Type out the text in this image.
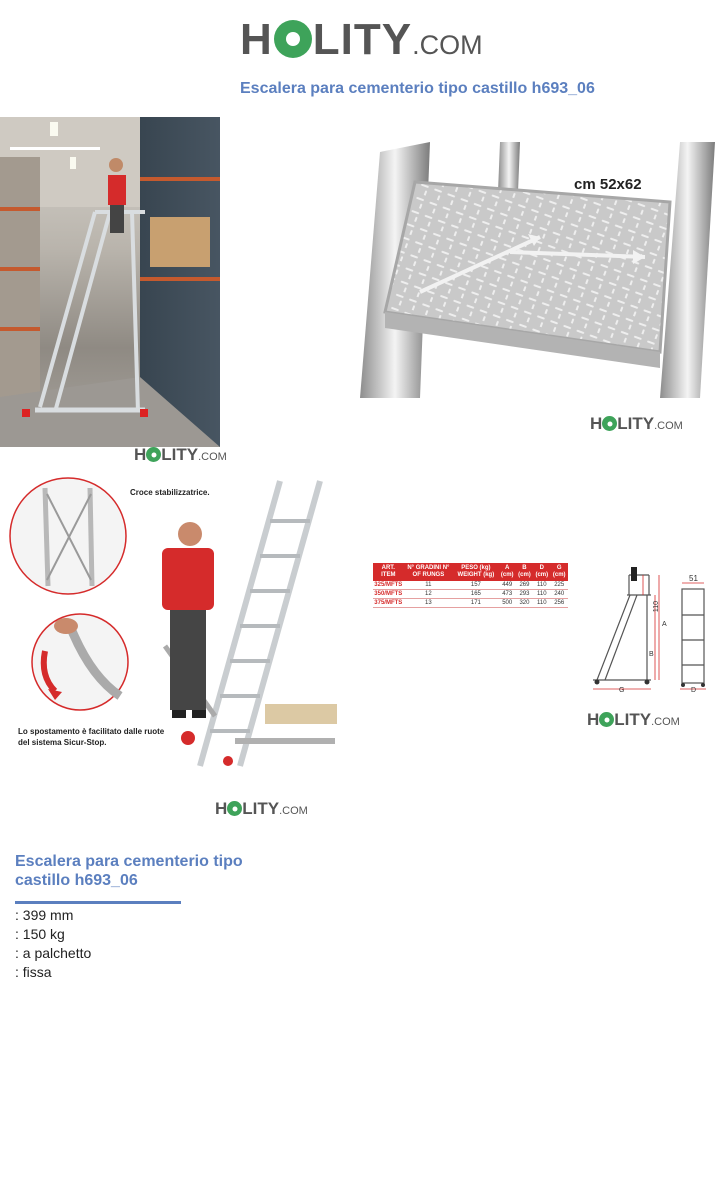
H LITY .COM
Escalera para cementerio tipo castillo h693_06
H LITY .COM
cm 52x62
H LITY .COM
Croce stabilizzatrice.
Lo spostamento è facilitato dalle ruote del sistema Sicur-Stop.
H LITY .COM
ART. ITEM	N° GRADINI N° OF RUNGS	PESO (kg) WEIGHT (kg)	A (cm)	B (cm)	D (cm)	G (cm)
325/MFTS	11	157	449	269	110	225
350/MFTS	12	165	473	293	110	240
375/MFTS	13	171	500	320	110	256
51
110
A
B
G	D
H LITY .COM
Escalera para cementerio tipo castillo h693_06
: 399 mm
: 150 kg
: a palchetto
: fissa
